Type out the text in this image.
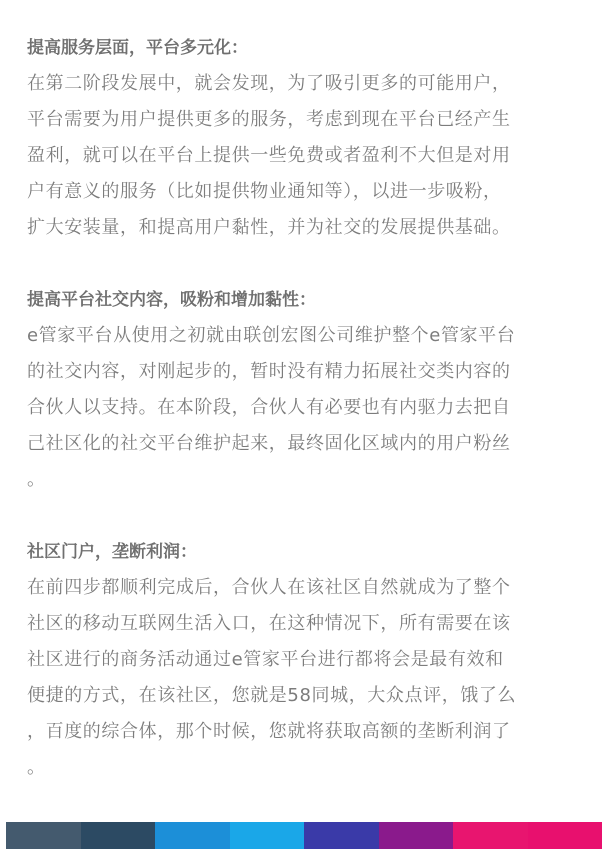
提高服务层面，平台多元化：

在第二阶段发展中，就会发现，为了吸引更多的可能用户，
平台需要为用户提供更多的服务，考虑到现在平台已经产生
盈利，就可以在平台上提供一些免费或者盈利不大但是对用
户有意义的服务（比如提供物业通知等），以进一步吸粉，
扩大安装量，和提高用户黏性，并为社交的发展提供基础。

提高平台社交内容，吸粉和增加黏性：

e管家平台从使用之初就由联创宏图公司维护整个e管家平台
的社交内容，对刚起步的，暂时没有精力拓展社交类内容的
合伙人以支持。在本阶段，合伙人有必要也有内驱力去把自
己社区化的社交平台维护起来，最终固化区域内的用户粉丝
。

社区门户，垄断利润：

在前四步都顺利完成后，合伙人在该社区自然就成为了整个
社区的移动互联网生活入口，在这种情况下，所有需要在该
社区进行的商务活动通过e管家平台进行都将会是最有效和
便捷的方式，在该社区，您就是58同城，大众点评，饿了么
，百度的综合体，那个时候，您就将获取高额的垄断利润了
。
